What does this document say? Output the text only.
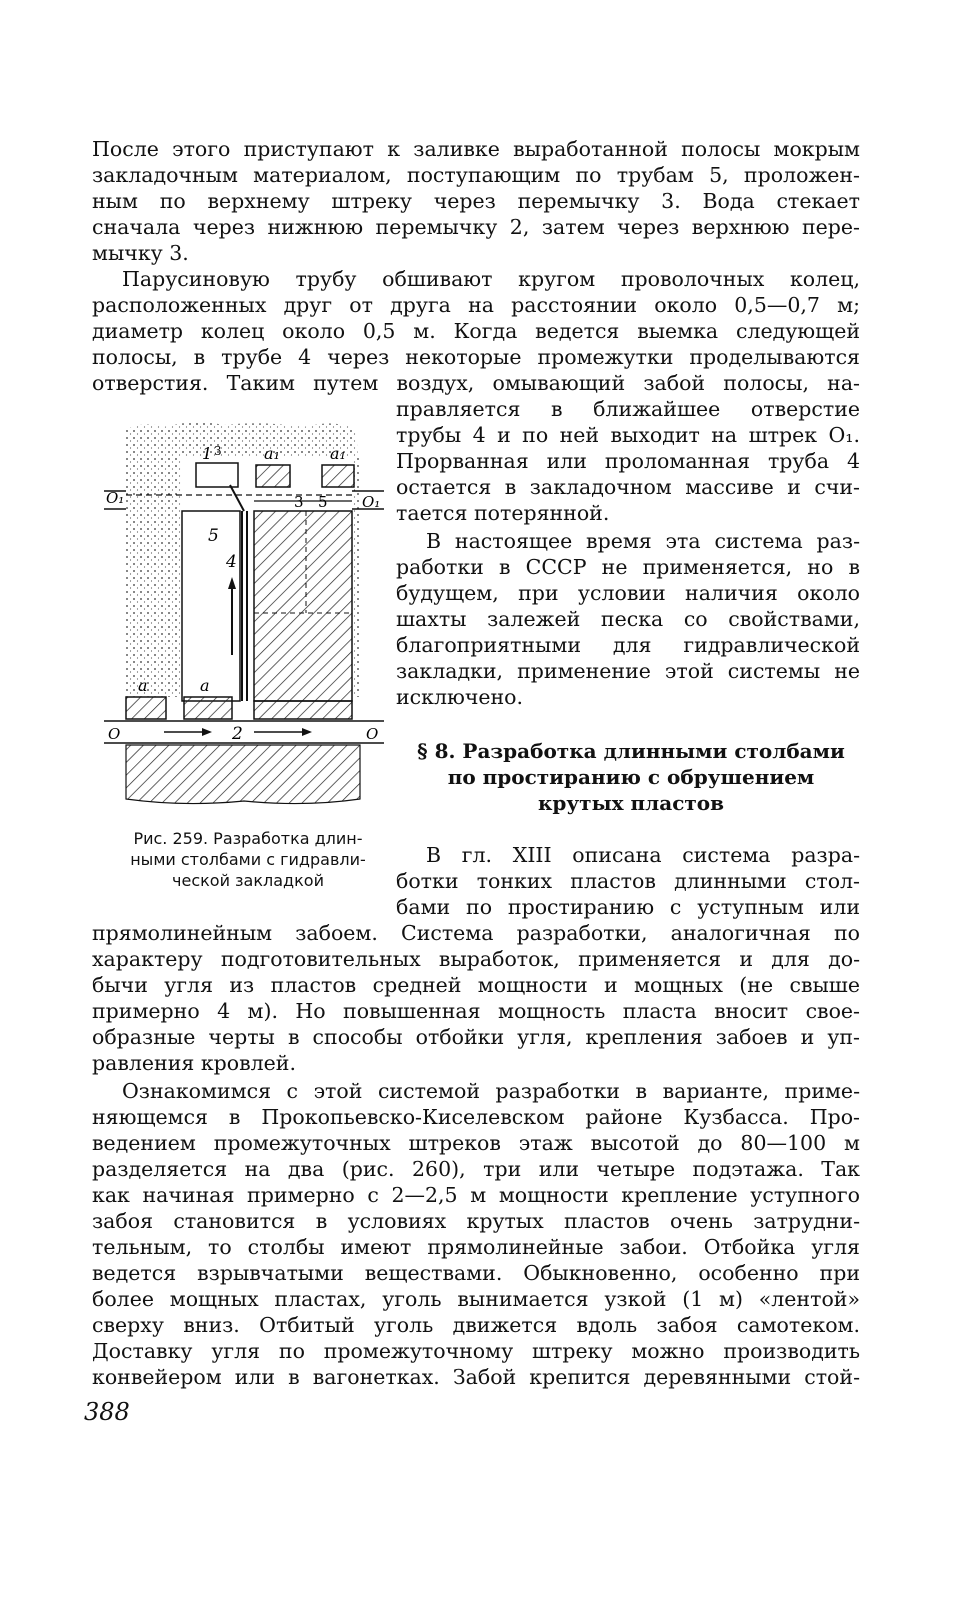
После этого приступают к заливке выработанной полосы мокрым
закладочным материалом, поступающим по трубам 5, проложен-
ным по верхнему штреку через перемычку 3. Вода стекает
сначала через нижнюю перемычку 2, затем через верхнюю пере-
мычку 3.
Парусиновую трубу обшивают кругом проволочных колец,
расположенных друг от друга на расстоянии около 0,5—0,7 м;
диаметр колец около 0,5 м. Когда ведется выемка следующей
полосы, в трубе 4 через некоторые промежутки проделываются
отверстия. Таким путем воздух, омывающий забой полосы, на-
правляется в ближайшее отверстие
трубы 4 и по ней выходит на штрек O₁.
Прорванная или проломанная труба 4
остается в закладочном массиве и счи-
тается потерянной.
В настоящее время эта система раз-
работки в СССР не применяется, но в
будущем, при условии наличия около
шахты залежей песка со свойствами,
благоприятными для гидравлической
закладки, применение этой системы не
исключено.
§ 8. Разработка длинными столбами
по простиранию с обрушением
крутых пластов
1 3	a₁	a₁
O₁	O₁
3 5
5
4
a	a
2
O	O
Рис. 259. Разработка длин-
ными столбами с гидравли-
ческой закладкой
В гл. XIII описана система разра-
ботки тонких пластов длинными стол-
бами по простиранию с уступным или
прямолинейным забоем. Система разработки, аналогичная по
характеру подготовительных выработок, применяется и для до-
бычи угля из пластов средней мощности и мощных (не свыше
примерно 4 м). Но повышенная мощность пласта вносит свое-
образные черты в способы отбойки угля, крепления забоев и уп-
равления кровлей.
Ознакомимся с этой системой разработки в варианте, приме-
няющемся в Прокопьевско-Киселевском районе Кузбасса. Про-
ведением промежуточных штреков этаж высотой до 80—100 м
разделяется на два (рис. 260), три или четыре подэтажа. Так
как начиная примерно с 2—2,5 м мощности крепление уступного
забоя становится в условиях крутых пластов очень затрудни-
тельным, то столбы имеют прямолинейные забои. Отбойка угля
ведется взрывчатыми веществами. Обыкновенно, особенно при
более мощных пластах, уголь вынимается узкой (1 м) «лентой»
сверху вниз. Отбитый уголь движется вдоль забоя самотеком.
Доставку угля по промежуточному штреку можно производить
конвейером или в вагонетках. Забой крепится деревянными стой-
388
